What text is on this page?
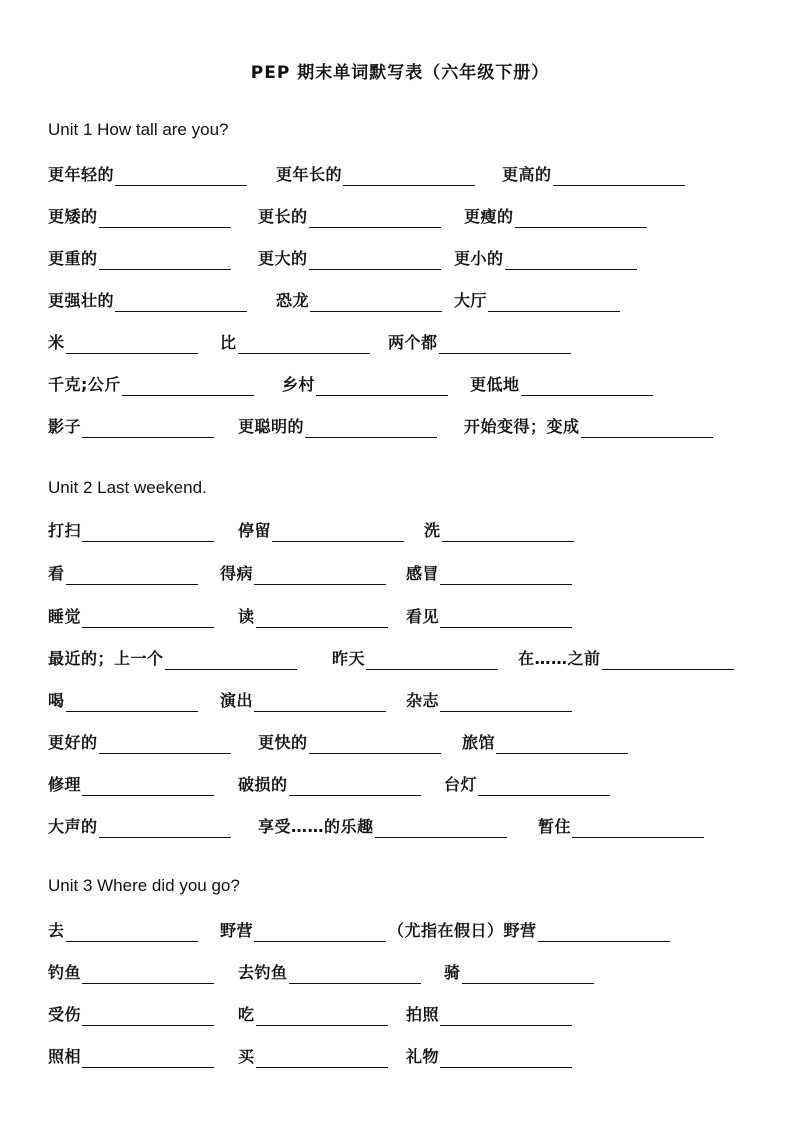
PEP 期末单词默写表（六年级下册）
Unit 1 How tall are you?
更年轻的	更年长的	更高的
更矮的	更长的	更瘦的
更重的	更大的	更小的
更强壮的	恐龙	大厅
米	比	两个都
千克;公斤	乡村	更低地
影子	更聪明的	开始变得；变成
Unit 2 Last weekend.
打扫	停留	洗
看	得病	感冒
睡觉	读	看见
最近的；上一个	昨天	在……之前
喝	演出	杂志
更好的	更快的	旅馆
修理	破损的	台灯
大声的	享受……的乐趣	暂住
Unit 3 Where did you go?
去	野营	（尤指在假日）野营
钓鱼	去钓鱼	骑
受伤	吃	拍照
照相	买	礼物
